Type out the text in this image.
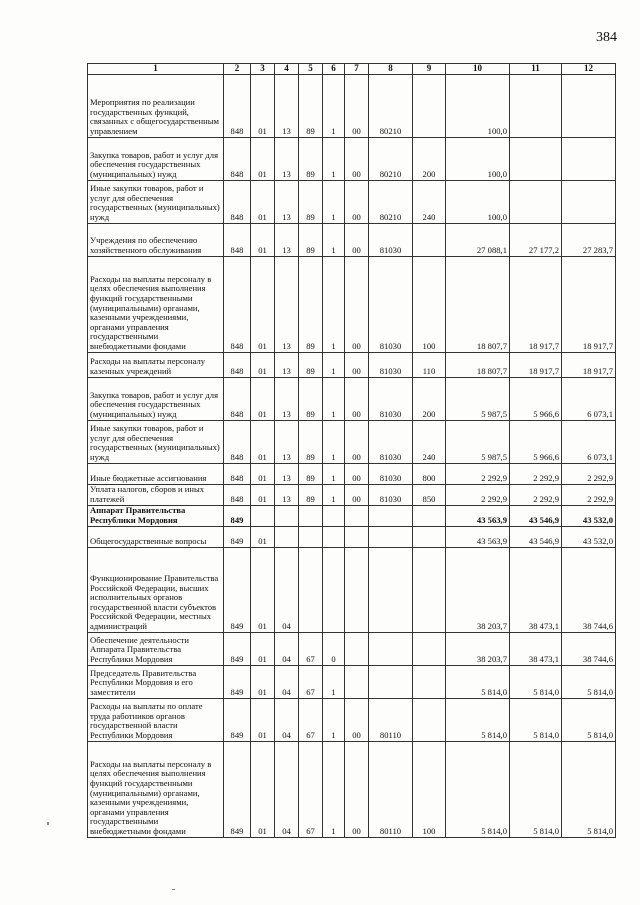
384
1	2	3	4	5	6	7	8	9	10	11	12
Мероприятия по реализации государственных функций, связанных с общегосударственным управлением	848	01	13	89	1	00	80210		100,0		
Закупка товаров, работ и услуг для обеспечения государственных (муниципальных) нужд	848	01	13	89	1	00	80210	200	100,0		
Иные закупки товаров, работ и услуг для обеспечения государственных (муниципальных) нужд	848	01	13	89	1	00	80210	240	100,0		
Учреждения по обеспечению хозяйственного обслуживания	848	01	13	89	1	00	81030		27 088,1	27 177,2	27 283,7
Расходы на выплаты персоналу в целях обеспечения выполнения функций государственными (муниципальными) органами, казенными учреждениями, органами управления государственными внебюджетными фондами	848	01	13	89	1	00	81030	100	18 807,7	18 917,7	18 917,7
Расходы на выплаты персоналу казенных учреждений	848	01	13	89	1	00	81030	110	18 807,7	18 917,7	18 917,7
Закупка товаров, работ и услуг для обеспечения государственных (муниципальных) нужд	848	01	13	89	1	00	81030	200	5 987,5	5 966,6	6 073,1
Иные закупки товаров, работ и услуг для обеспечения государственных (муниципальных) нужд	848	01	13	89	1	00	81030	240	5 987,5	5 966,6	6 073,1
Иные бюджетные ассигнования	848	01	13	89	1	00	81030	800	2 292,9	2 292,9	2 292,9
Уплата налогов, сборов и иных платежей	848	01	13	89	1	00	81030	850	2 292,9	2 292,9	2 292,9
Аппарат Правительства Республики Мордовия	849								43 563,9	43 546,9	43 532,0
Общегосударственные вопросы	849	01							43 563,9	43 546,9	43 532,0
Функционирование Правительства Российской Федерации, высших исполнительных органов государственной власти субъектов Российской Федерации, местных администраций	849	01	04						38 203,7	38 473,1	38 744,6
Обеспечение деятельности Аппарата Правительства Республики Мордовия	849	01	04	67	0				38 203,7	38 473,1	38 744,6
Председатель Правительства Республики Мордовия и его заместители	849	01	04	67	1				5 814,0	5 814,0	5 814,0
Расходы на выплаты по оплате труда работников органов государственной власти Республики Мордовия	849	01	04	67	1	00	80110		5 814,0	5 814,0	5 814,0
Расходы на выплаты персоналу в целях обеспечения выполнения функций государственными (муниципальными) органами, казенными учреждениями, органами управления государственными внебюджетными фондами	849	01	04	67	1	00	80110	100	5 814,0	5 814,0	5 814,0
